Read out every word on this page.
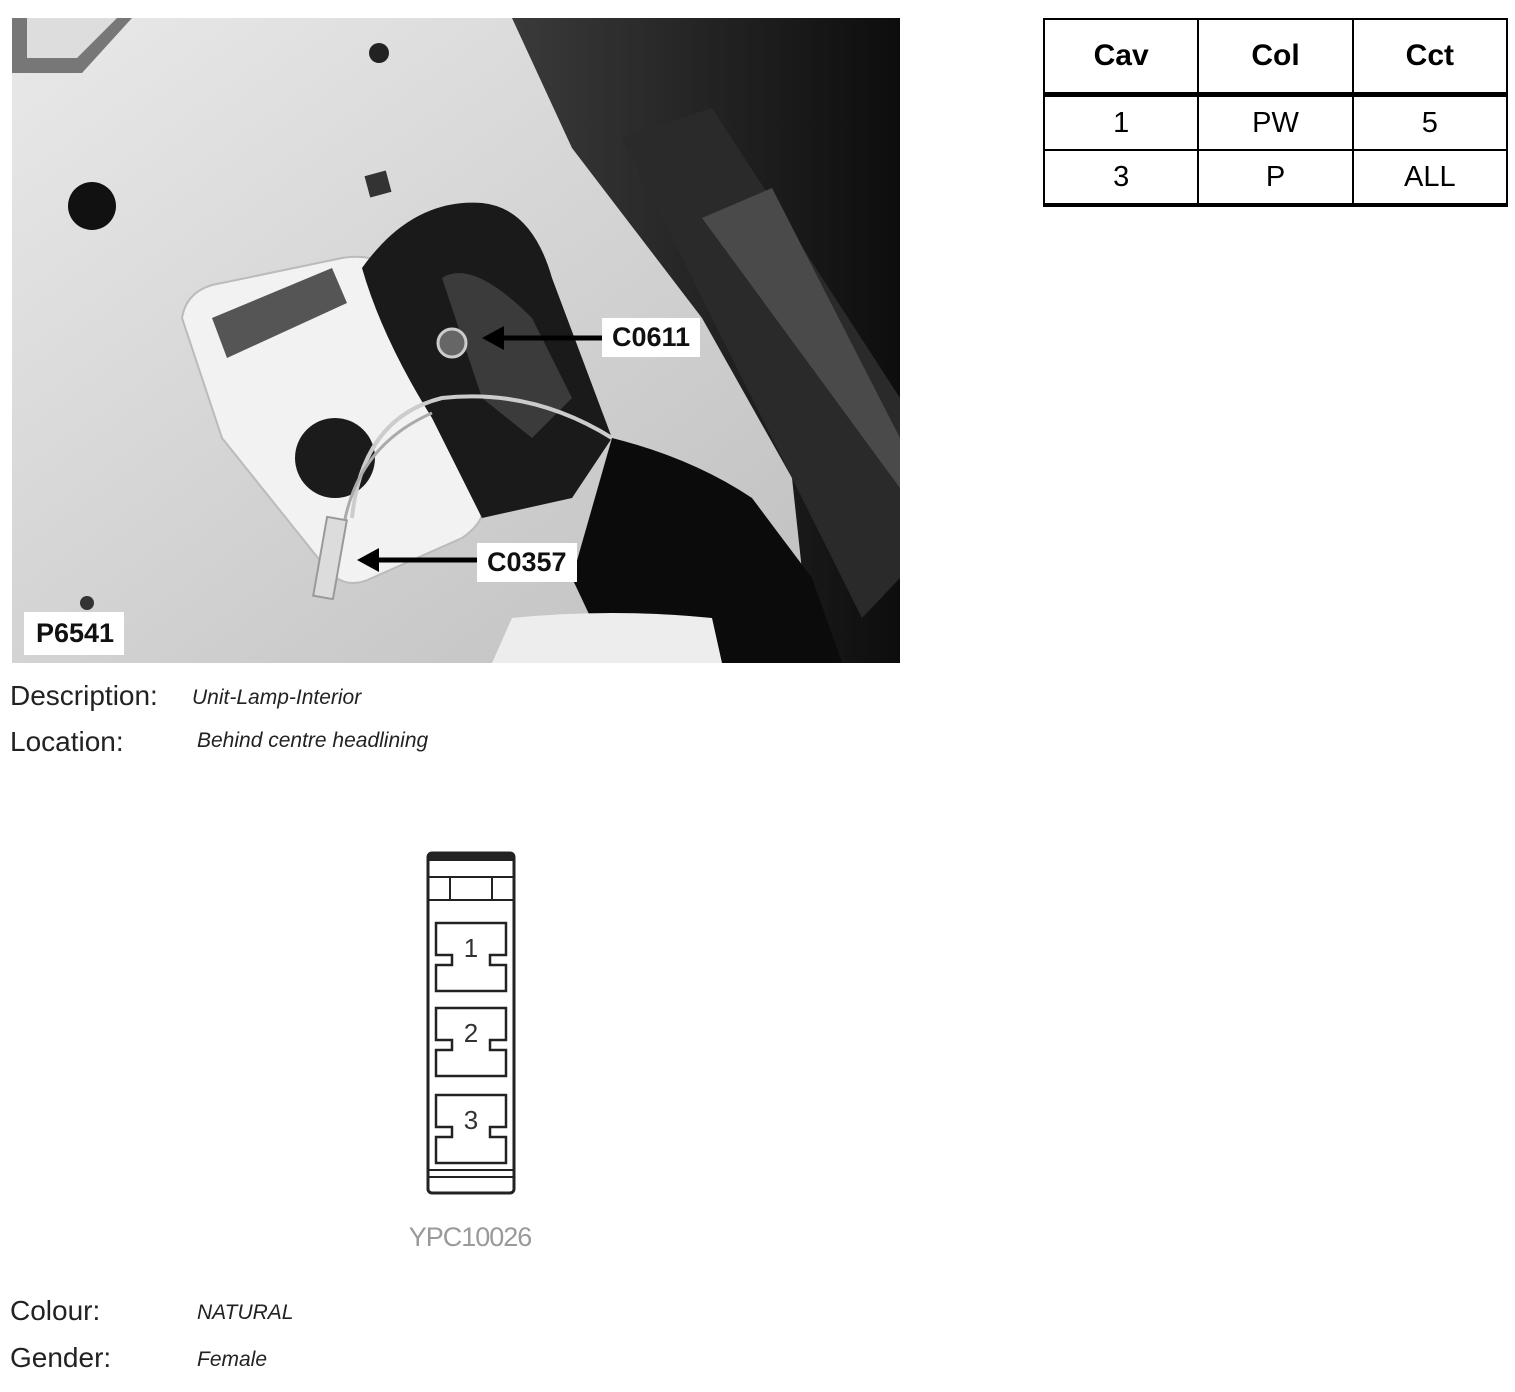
C0611
C0357
P6541
Cav	Col	Cct
1	PW	5
3	P	ALL
Description: Unit-Lamp-Interior
Location:	Behind centre headlining
1
2
3
YPC10026
Colour:	NATURAL
Gender:	Female
